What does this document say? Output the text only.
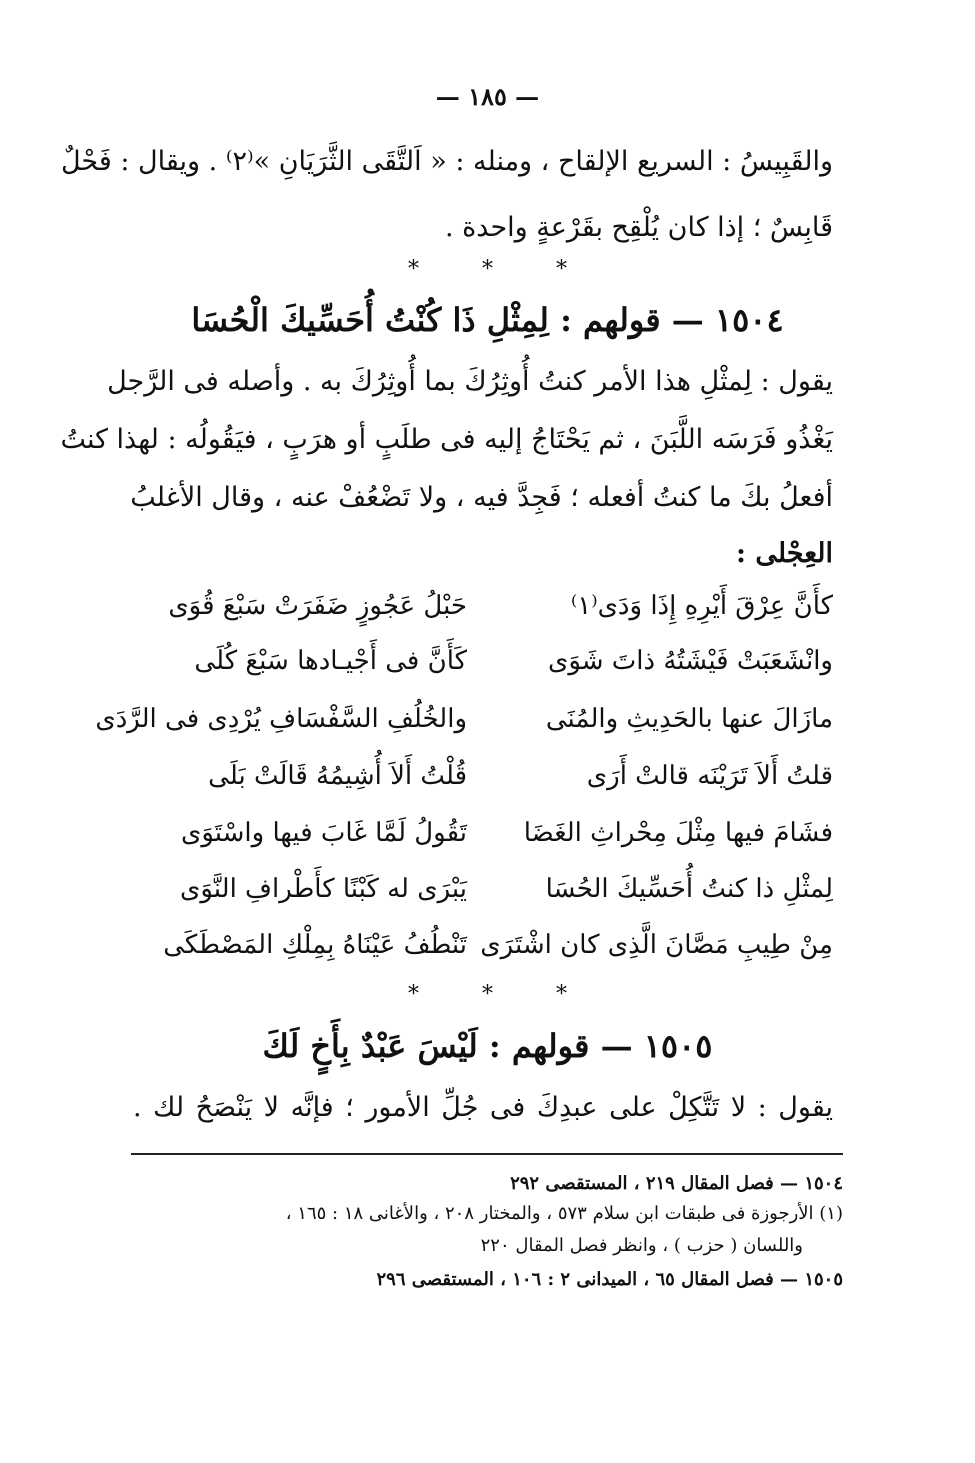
— ١٨٥ —
والقَبِيسُ : السريع الإلقاح ، ومنله : « اَلتَّقَى الثَّرَيَانِ »⁽٢⁾ . ويقال : فَحْلٌ
قَابِسٌ ؛ إذا كان يُلْقِح بقَرْعةٍ واحدة .
* * *
١٥٠٤ — قولهم : لِمِثْلِ ذَا كُنْتُ أُحَسِّيكَ الْحُسَا
يقول : لِمثْلِ هذا الأمر كنتُ أُوثِرُكَ بما أُوثِرُكَ به . وأصله فى الرَّجل
يَغْذُو فَرَسَه اللَّبَنَ ، ثم يَحْتَاجُ إليه فى طلَبٍ أو هرَبٍ ، فيَقُولُه : لهذا كنتُ
أفعلُ بكَ ما كنتُ أفعله ؛ فَجِدَّ فيه ، ولا تَضْعُفْ عنه ، وقال الأغلبُ
العِجْلى :
كأَنَّ عِرْقَ أَيْرِهِ إِذَا وَدَى⁽١⁾
حَبْلُ عَجُوزٍ ضَفَرَتْ سَبْعَ قُوَى
وانْشَعَبَتْ فَيْشَتُهُ ذاتَ شَوَى
كَأَنَّ فى أَجْيـادها سَبْعَ كُلَى
مازَالَ عنها بالحَدِيثِ والمُنَى
والخُلُفِ السَّفْسَافِ يُرْدِى فى الرَّدَى
قلتُ أَلاَ تَرَيْنَه قالتْ أَرَى
قُلْتُ أَلاَ أُشِيمُهُ قَالَتْ بَلَى
فشَامَ فيها مِثْلَ مِحْراثِ الغَضَا
تَقُولُ لَمَّا غَابَ فيها واسْتَوَى
لِمثْلِ ذا كنتُ أُحَسِّيكَ الحُسَا
يَبْرَى له كَبْنًا كأَطْرافِ النَّوَى
مِنْ طِيبِ مَصَّانَ الَّذِى كان اشْتَرَى
تَنْطُفُ عَيْنَاهُ بِمِلْكِ المَصْطَكَى
* * *
١٥٠٥ — قولهم : لَيْسَ عَبْدٌ بِأَخٍ لَكَ
يقول : لا تَتَّكِلْ على عبدِكَ فى جُلِّ الأمور ؛ فإنَّه لا يَنْصَحُ لك .
١٥٠٤ — فصل المقال ٢١٩ ، المستقصى ٢٩٢
(١) الأرجوزة فى طبقات ابن سلام ٥٧٣ ، والمختار ٢٠٨ ، والأغانى ١٨ : ١٦٥ ،
واللسان ( حزب ) ، وانظر فصل المقال ٢٢٠
١٥٠٥ — فصل المقال ٦٥ ، الميدانى ٢ : ١٠٦ ، المستقصى ٢٩٦
